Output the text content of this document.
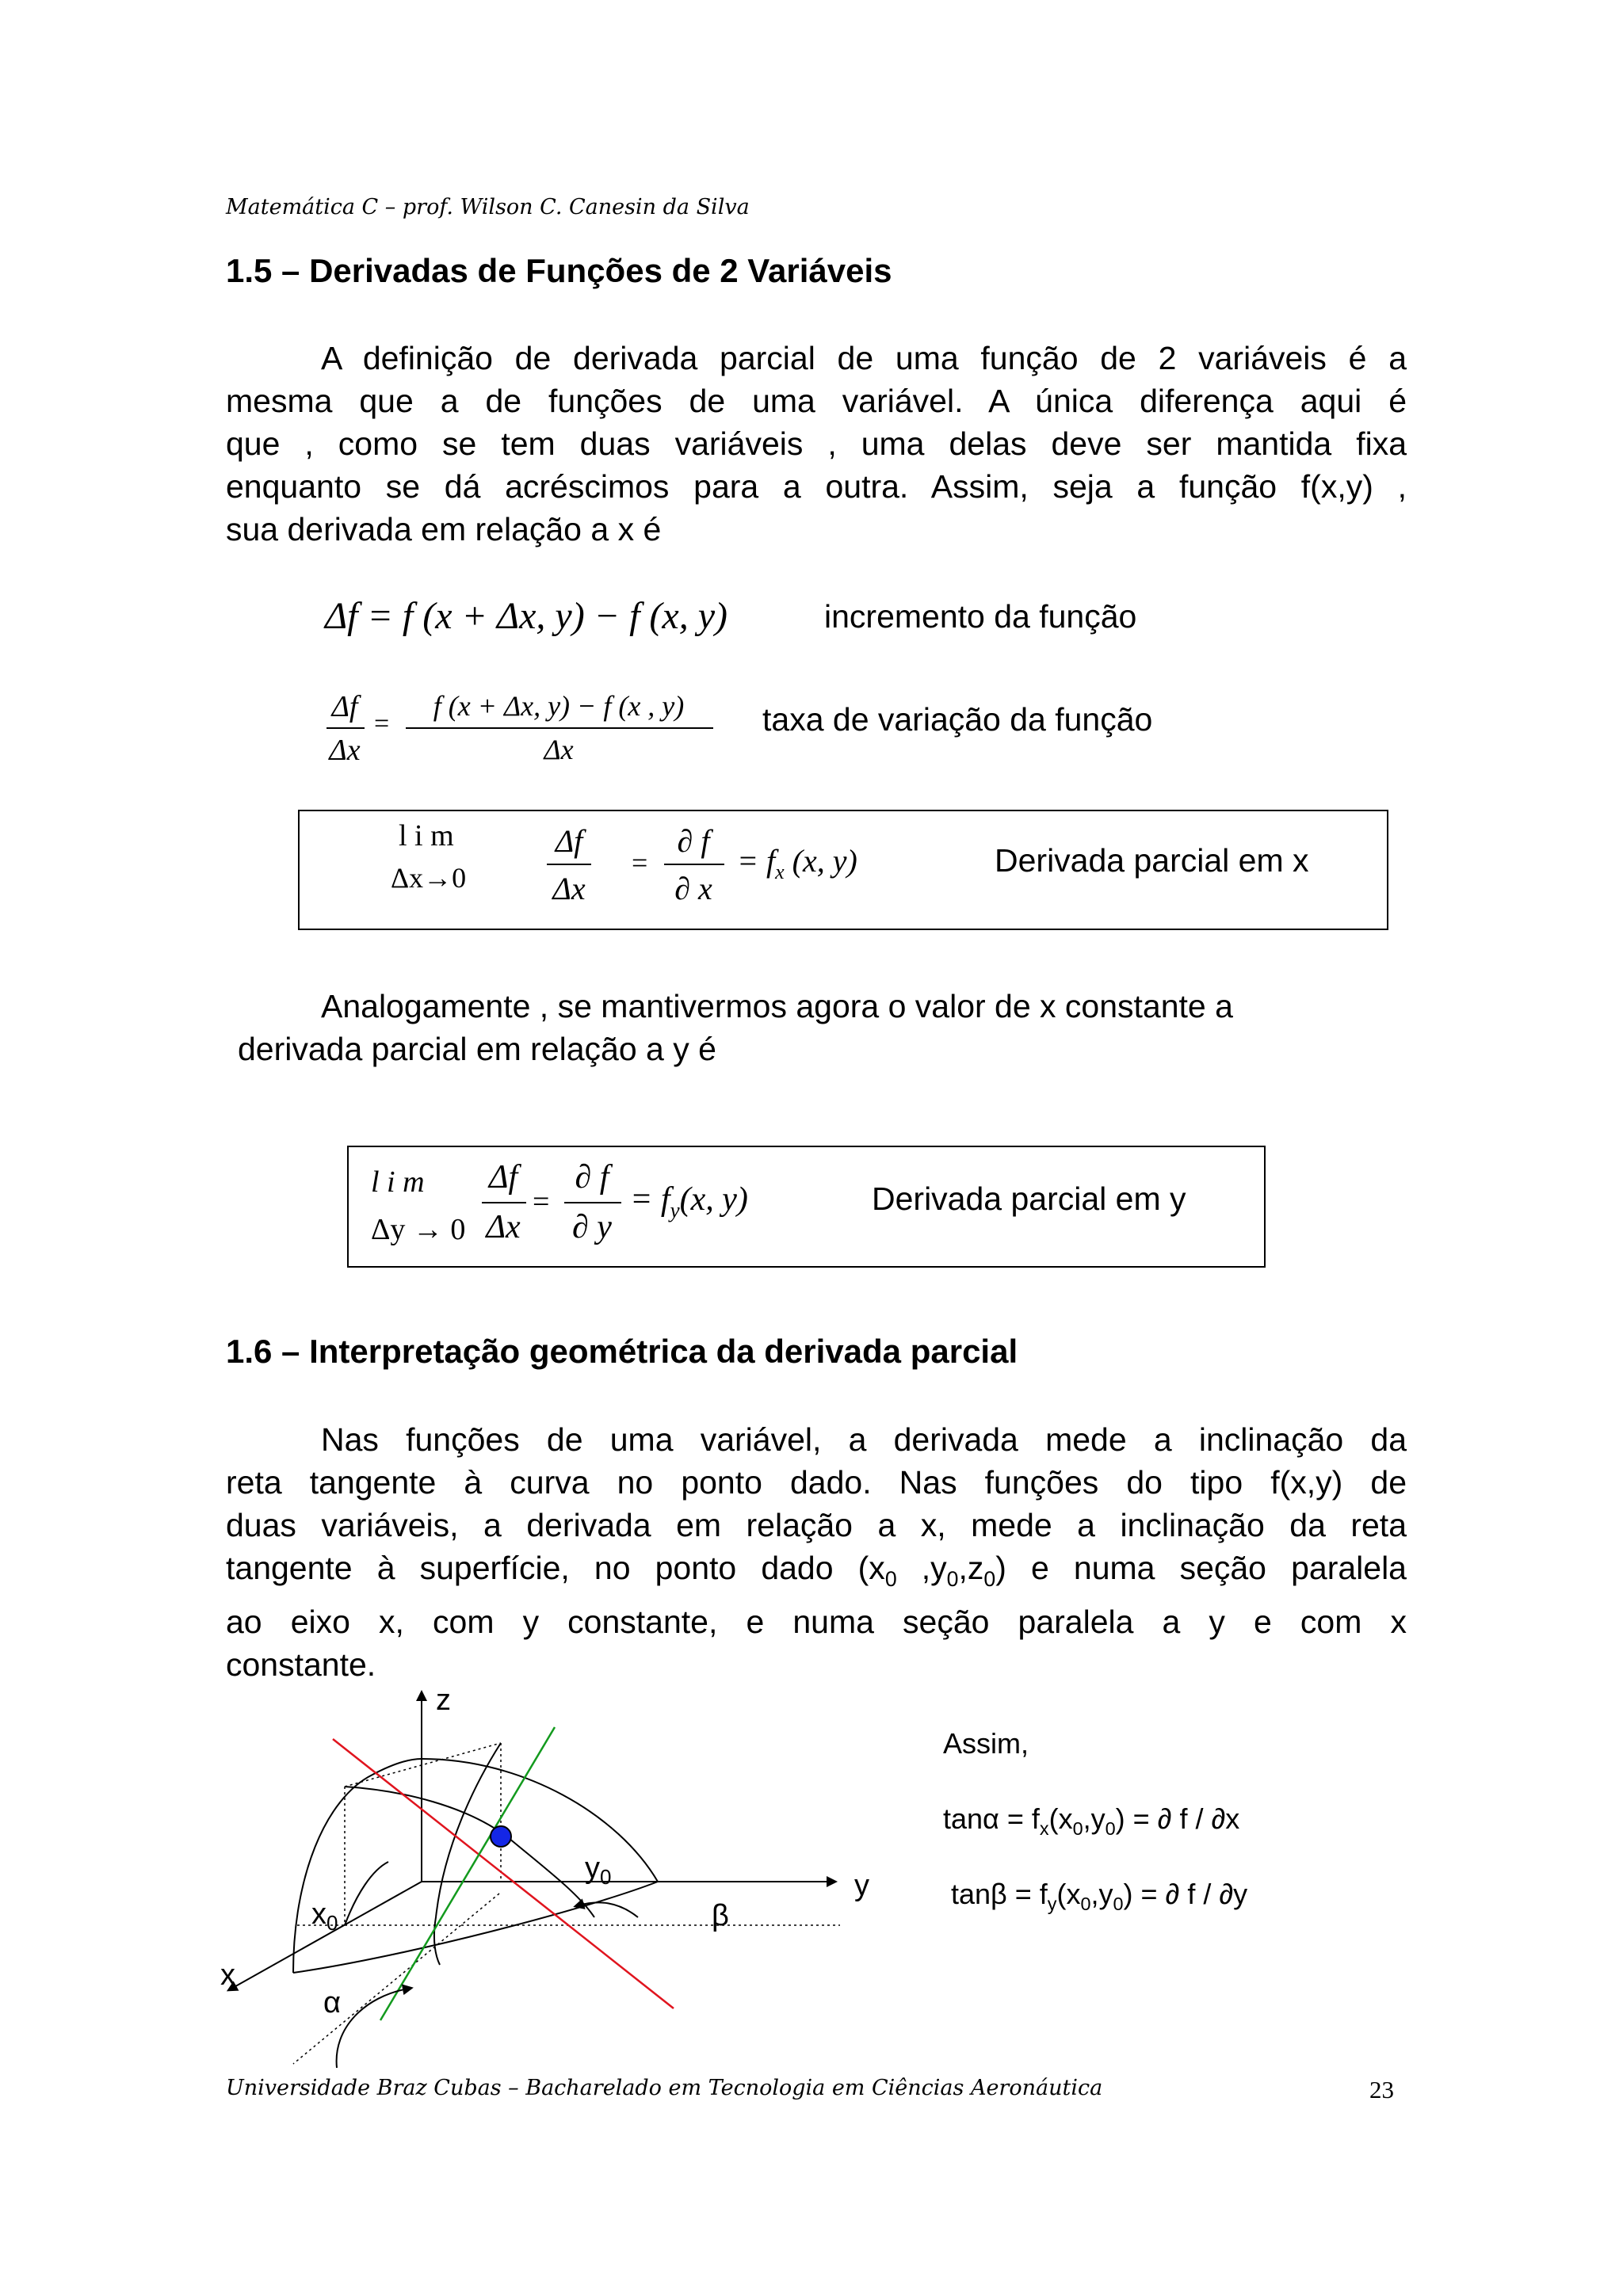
Matemática C – prof. Wilson C. Canesin da Silva
1.5 – Derivadas de Funções de 2 Variáveis
A definição de derivada parcial de uma função de 2 variáveis é a
mesma que a de funções de uma variável. A única diferença aqui é
que , como se tem duas variáveis , uma delas deve ser mantida fixa
enquanto se dá acréscimos para a outra. Assim, seja a função f(x,y) ,
sua derivada em relação a x é
Δf = f (x + Δx, y) − f (x, y)	incremento da função
Δf
Δx
=
f (x + Δx, y) − f (x , y)
Δx
taxa de variação da função
l i m
Δx→0
Δf
Δx
=
∂ f
∂ x
= $f_x$ (x, y)	Derivada parcial em x
Analogamente , se mantivermos agora o valor de x constante a
derivada parcial em relação a y é
l i m
Δy → 0
Δf
Δx
=
∂ f
∂ y
= $f_y(x$, y)	Derivada parcial em y
1.6 – Interpretação geométrica da derivada parcial
Nas funções de uma variável, a derivada mede a inclinação da
reta tangente à curva no ponto dado. Nas funções do tipo f(x,y) de
duas variáveis, a derivada em relação a x, mede a inclinação da reta
tangente à superfície, no ponto dado ($x_0$ $,y_0,z_0$) e numa seção paralela
ao eixo x, com y constante, e numa seção paralela a y e com x
constante.
z
y
x
$y_0$
$x_0$
α
β
Assim,
$\tan\alpha = f_x(x_0,y_0)$ = ∂ f / ∂x
$\tan\beta = f_y(x_0,y_0)$ = ∂ f / ∂y
Universidade Braz Cubas – Bacharelado em Tecnologia em Ciências Aeronáutica	23
